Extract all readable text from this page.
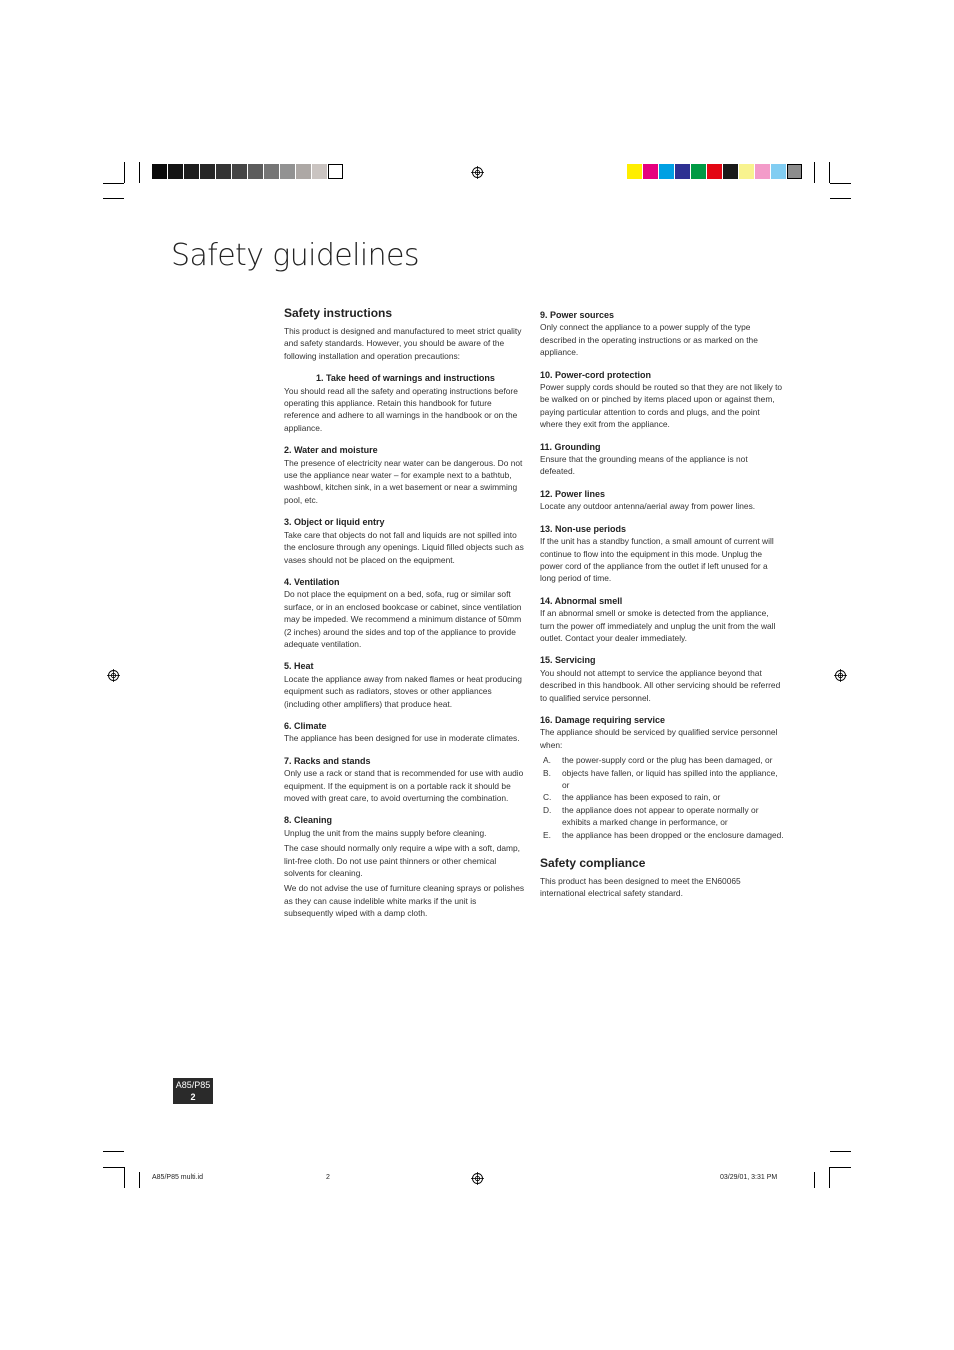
Safety guidelines
Safety instructions

This product is designed and manufactured to meet strict quality and safety standards. However, you should be aware of the following installation and operation precautions:

1. Take heed of warnings and instructions

You should read all the safety and operating instructions before operating this appliance. Retain this handbook for future reference and adhere to all warnings in the handbook or on the appliance.

2. Water and moisture

The presence of electricity near water can be dangerous. Do not use the appliance near water – for example next to a bathtub, washbowl, kitchen sink, in a wet basement or near a swimming pool, etc.

3. Object or liquid entry

Take care that objects do not fall and liquids are not spilled into the enclosure through any openings. Liquid filled objects such as vases should not be placed on the equipment.

4. Ventilation

Do not place the equipment on a bed, sofa, rug or similar soft surface, or in an enclosed bookcase or cabinet, since ventilation may be impeded. We recommend a minimum distance of 50mm (2 inches) around the sides and top of the appliance to provide adequate ventilation.

5. Heat

Locate the appliance away from naked flames or heat producing equipment such as radiators, stoves or other appliances (including other amplifiers) that produce heat.

6. Climate

The appliance has been designed for use in moderate climates.

7. Racks and stands

Only use a rack or stand that is recommended for use with audio equipment. If the equipment is on a portable rack it should be moved with great care, to avoid overturning the combination.

8. Cleaning

Unplug the unit from the mains supply before cleaning.

The case should normally only require a wipe with a soft, damp, lint-free cloth. Do not use paint thinners or other chemical solvents for cleaning.

We do not advise the use of furniture cleaning sprays or polishes as they can cause indelible white marks if the unit is subsequently wiped with a damp cloth.

9. Power sources

Only connect the appliance to a power supply of the type described in the operating instructions or as marked on the appliance.

10. Power-cord protection

Power supply cords should be routed so that they are not likely to be walked on or pinched by items placed upon or against them, paying particular attention to cords and plugs, and the point where they exit from the appliance.

11. Grounding

Ensure that the grounding means of the appliance is not defeated.

12. Power lines

Locate any outdoor antenna/aerial away from power lines.

13. Non-use periods

If the unit has a standby function, a small amount of current will continue to flow into the equipment in this mode. Unplug the power cord of the appliance from the outlet if left unused for a long period of time.

14. Abnormal smell

If an abnormal smell or smoke is detected from the appliance, turn the power off immediately and unplug the unit from the wall outlet. Contact your dealer immediately.

15. Servicing

You should not attempt to service the appliance beyond that described in this handbook. All other servicing should be referred to qualified service personnel.

16. Damage requiring service

The appliance should be serviced by qualified service personnel when:

A.	the power-supply cord or the plug has been damaged, or
B.	objects have fallen, or liquid has spilled into the appliance, or
C.	the appliance has been exposed to rain, or
D.	the appliance does not appear to operate normally or exhibits a marked change in performance, or
E.	the appliance has been dropped or the enclosure damaged.
Safety compliance

This product has been designed to meet the EN60065 international electrical safety standard.

A85/P85
2
A85/P85 multi.id	2	03/29/01, 3:31 PM
